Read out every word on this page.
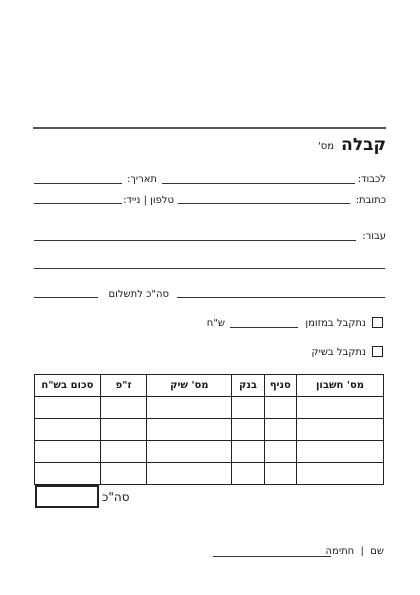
קבלה
מס'
לכבוד:
תאריך:
כתובת:
טלפון | נייד:
עבור:
סה"כ לתשלום
נתקבל במזומן
ש"ח
נתקבל בשיק
מס' חשבון	סניף	בנק	מס' שיק	ז"פ	סכום בש"ח

סה"כ
שם  |  חתימה
